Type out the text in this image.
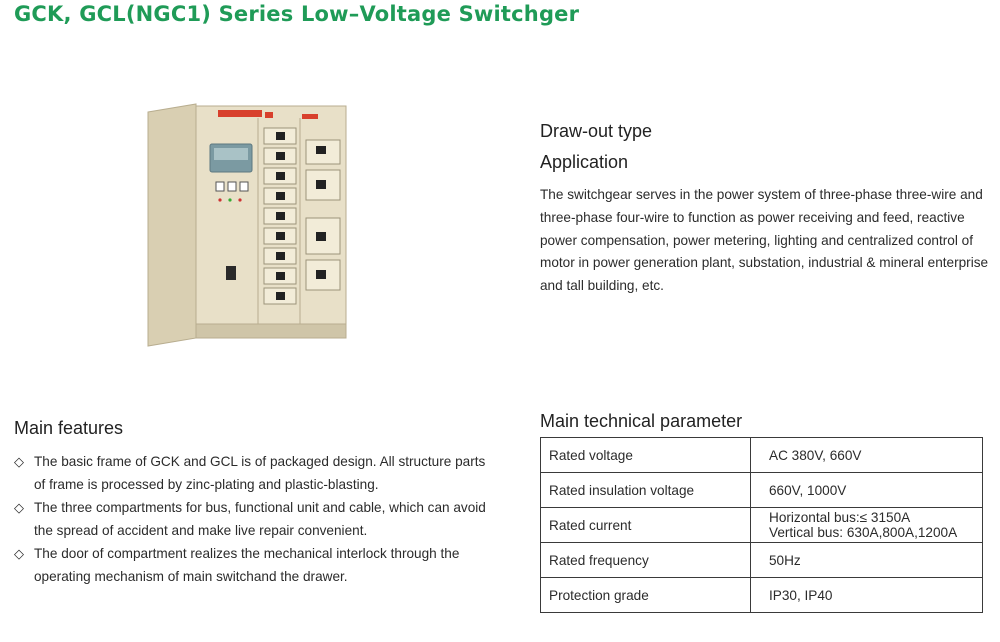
GCK, GCL(NGC1) Series Low–Voltage Switchger
Draw-out type
Application

The switchgear serves in the power system of three-phase three-wire and three-phase four-wire to function as power receiving and feed, reactive power compensation, power metering, lighting and centralized control of motor in power generation plant, substation, industrial & mineral enterprise and tall building, etc.

Main features
◇ The basic frame of GCK and GCL is of packaged design. All structure parts of frame is processed by zinc-plating and plastic-blasting.
◇ The three compartments for bus, functional unit and cable, which can avoid the spread of accident and make live repair convenient.
◇ The door of compartment realizes the mechanical interlock through the operating mechanism of main switchand the drawer.
Main technical parameter
Rated voltage	AC 380V, 660V
Rated insulation voltage	660V, 1000V
Rated current	Horizontal bus:≤ 3150A
Vertical bus: 630A,800A,1200A

Rated frequency	50Hz
Protection grade	IP30, IP40
